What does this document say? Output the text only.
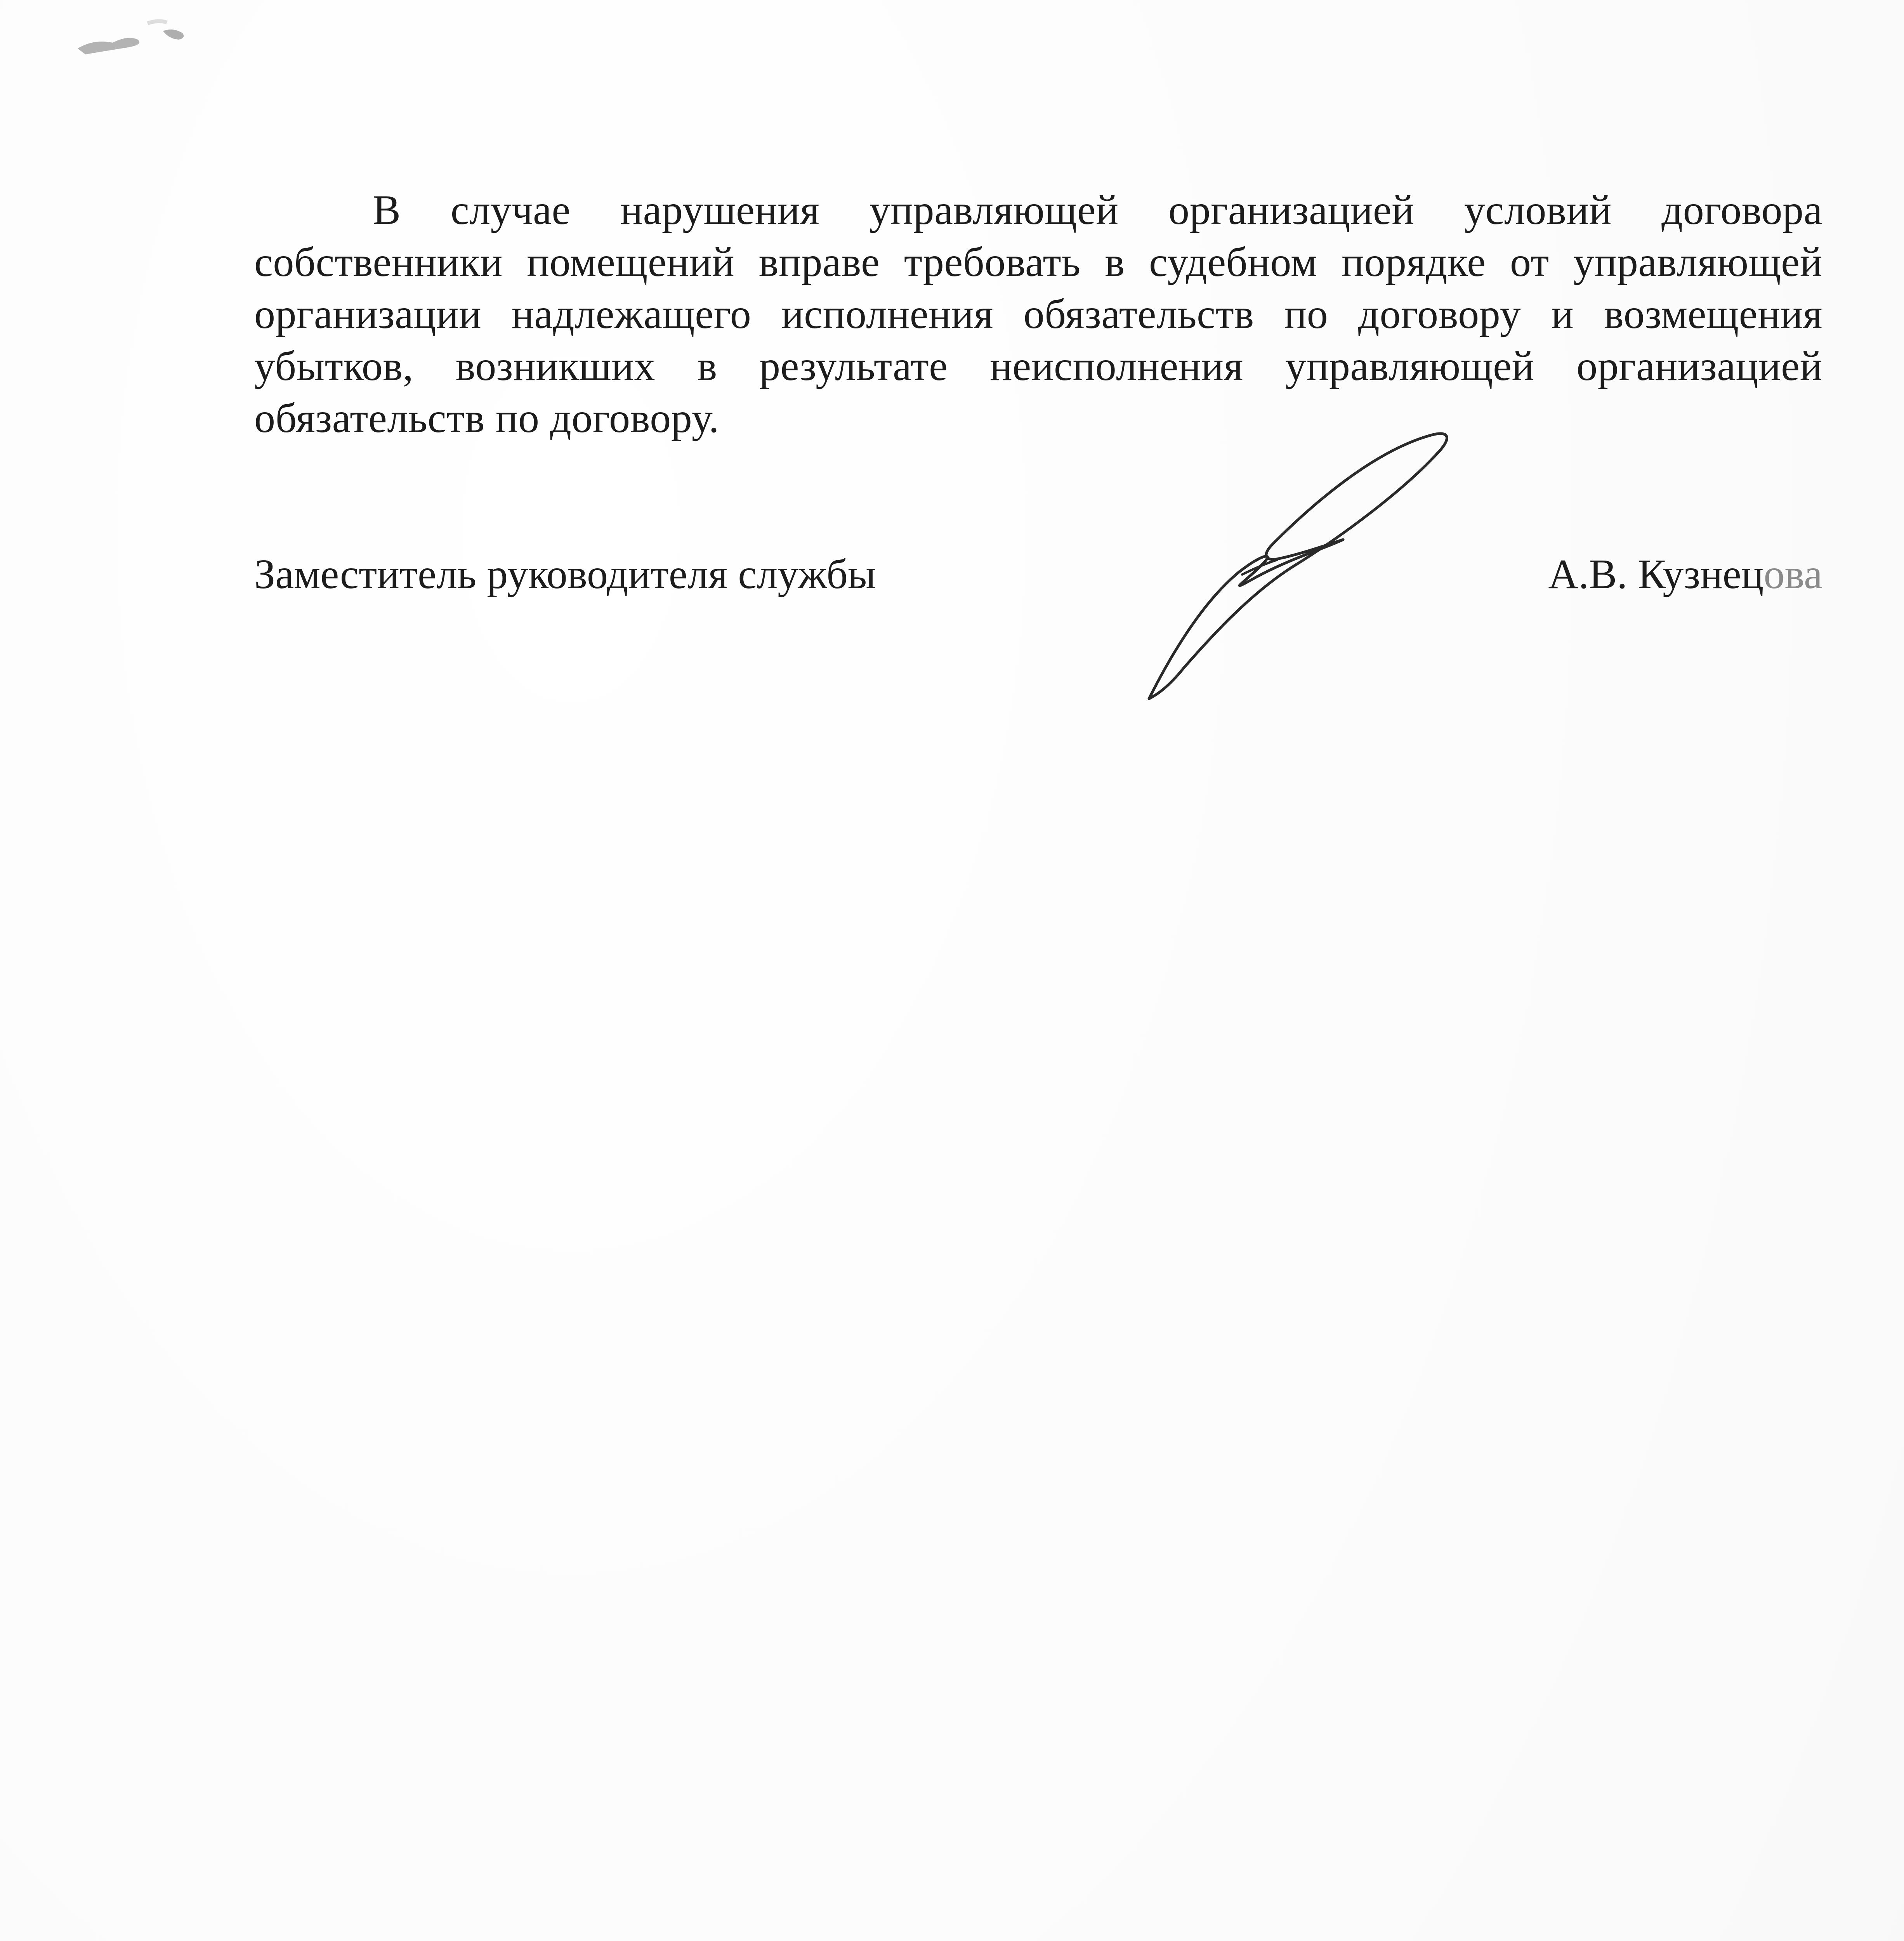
В случае нарушения управляющей организацией условий договора собственники помещений вправе требовать в судебном порядке от управляющей организации надлежащего исполнения обязательств по договору и возмещения убытков, возникших в результате неисполнения управляющей организацией обязательств по договору.

Заместитель руководителя службы	А.В. Кузнецова
